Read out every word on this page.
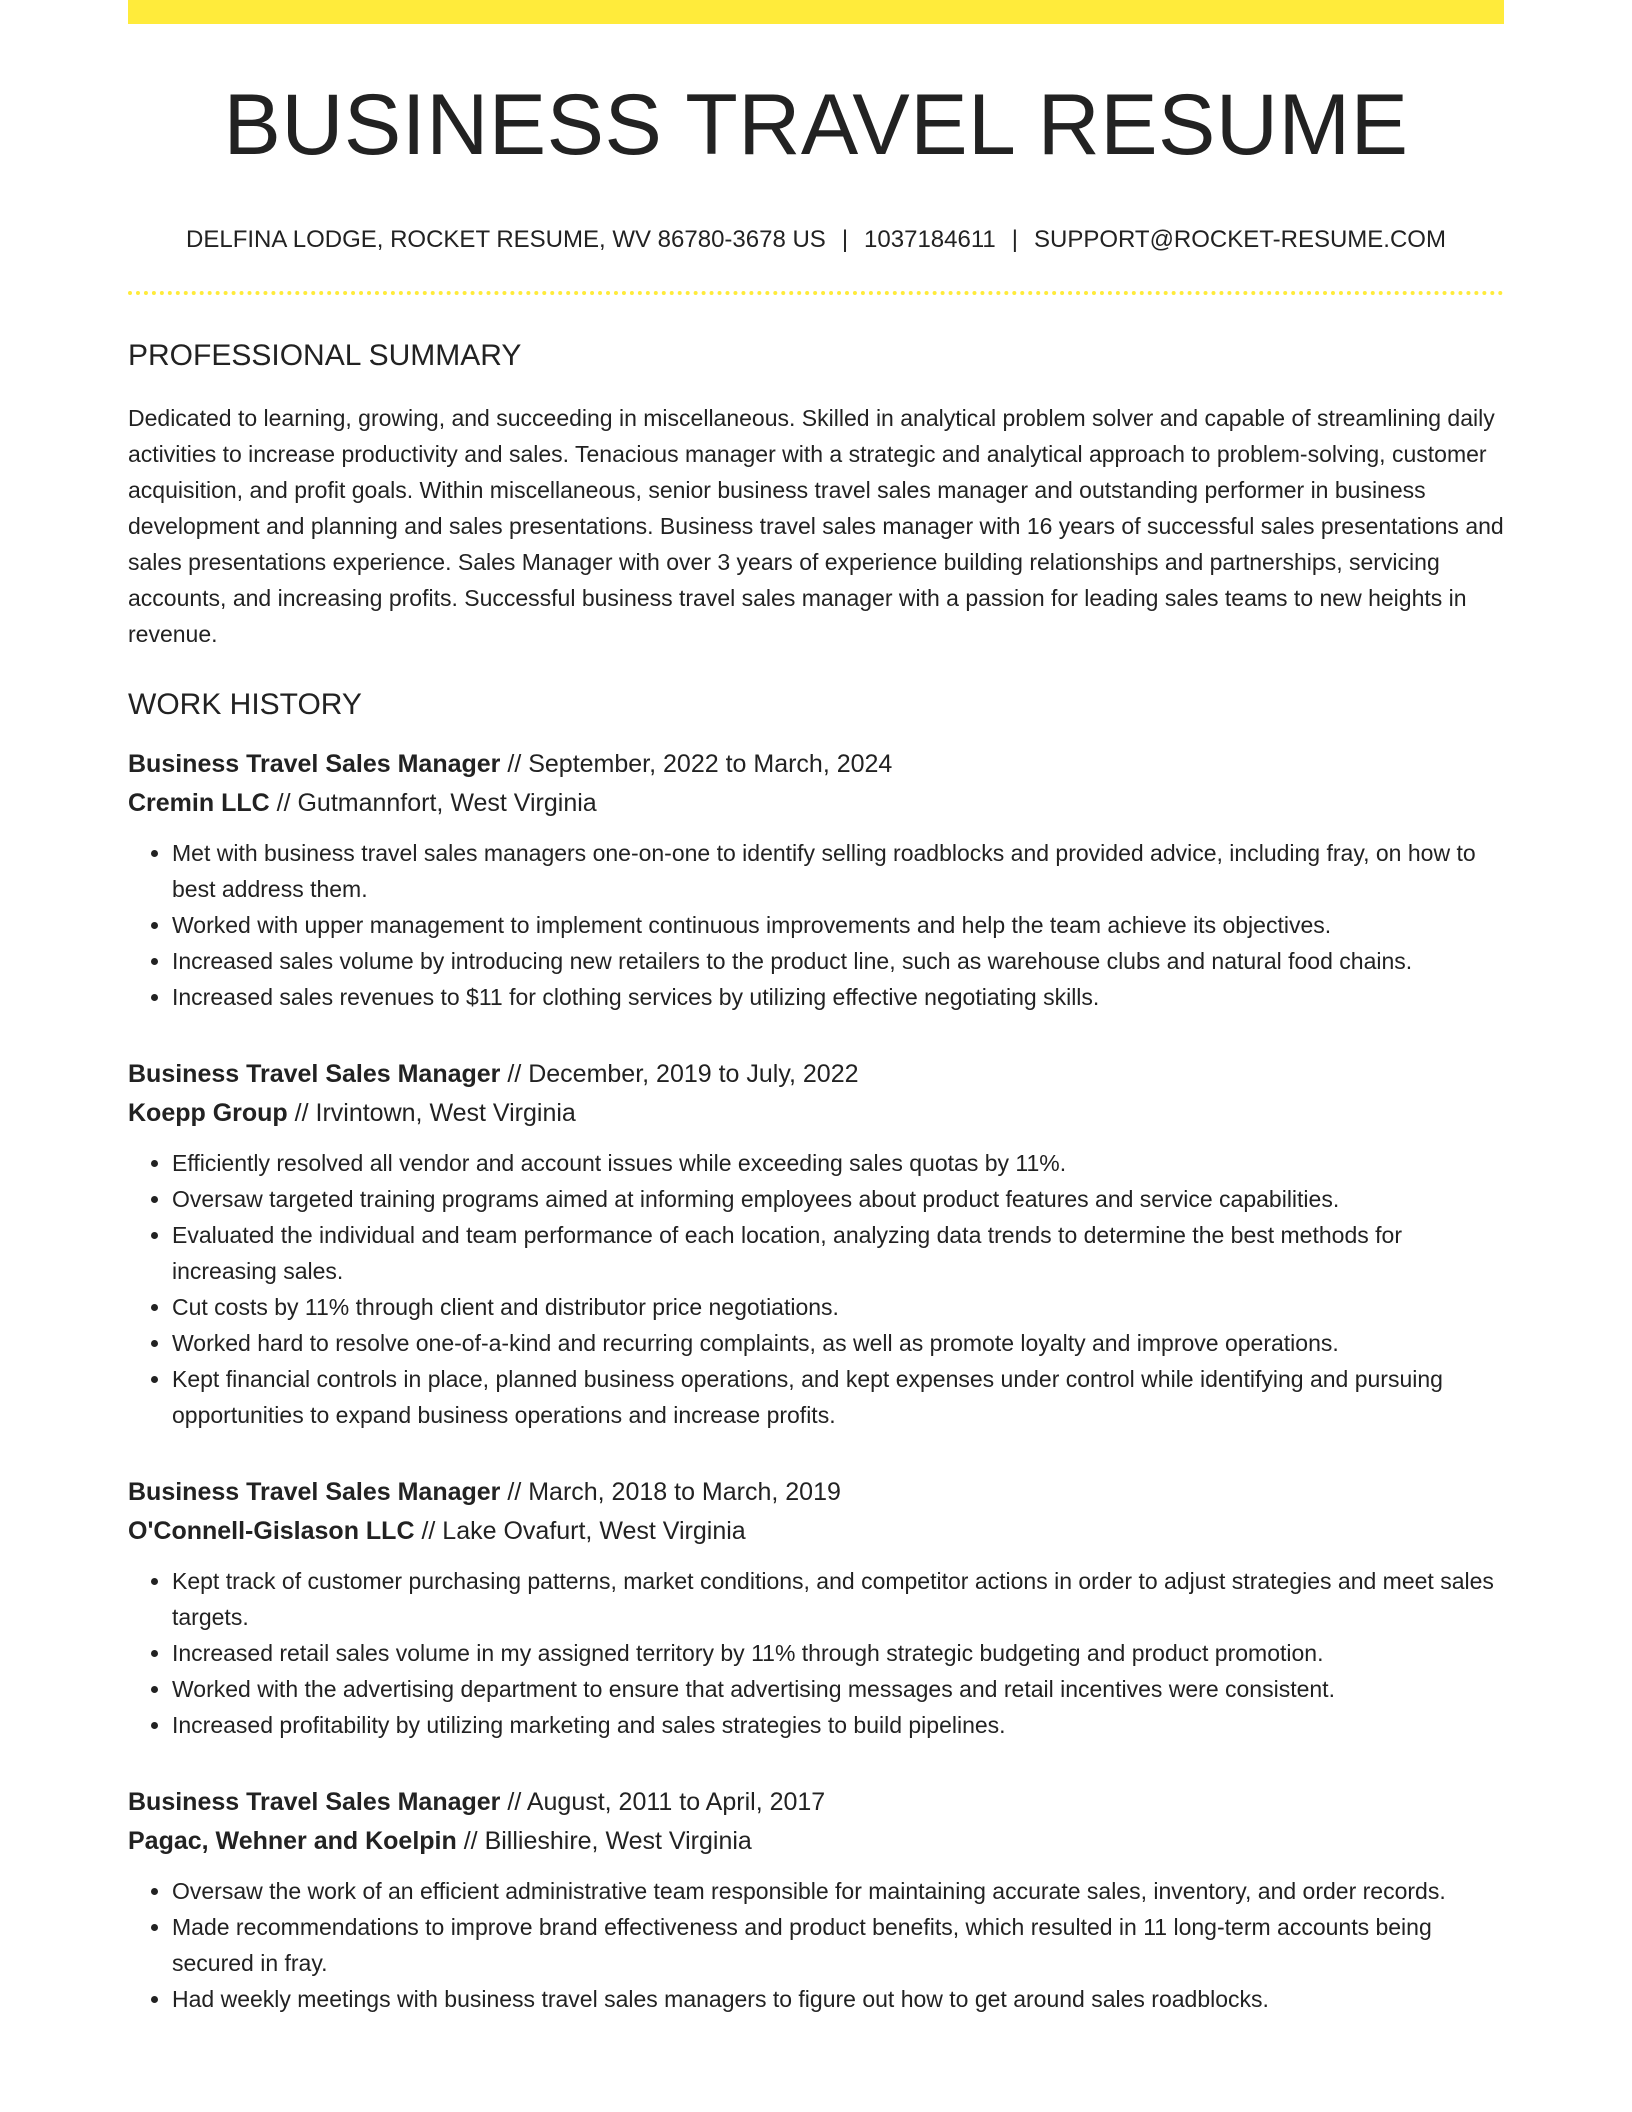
BUSINESS TRAVEL RESUME
DELFINA LODGE, ROCKET RESUME, WV 86780-3678 US | 1037184611 | SUPPORT@ROCKET-RESUME.COM
PROFESSIONAL SUMMARY

Dedicated to learning, growing, and succeeding in miscellaneous. Skilled in analytical problem solver and capable of streamlining daily activities to increase productivity and sales. Tenacious manager with a strategic and analytical approach to problem-solving, customer acquisition, and profit goals. Within miscellaneous, senior business travel sales manager and outstanding performer in business development and planning and sales presentations. Business travel sales manager with 16 years of successful sales presentations and sales presentations experience. Sales Manager with over 3 years of experience building relationships and partnerships, servicing accounts, and increasing profits. Successful business travel sales manager with a passion for leading sales teams to new heights in revenue.

WORK HISTORY
Business Travel Sales Manager // September, 2022 to March, 2024
Cremin LLC // Gutmannfort, West Virginia
• Met with business travel sales managers one-on-one to identify selling roadblocks and provided advice, including fray, on how to best address them.
• Worked with upper management to implement continuous improvements and help the team achieve its objectives.
• Increased sales volume by introducing new retailers to the product line, such as warehouse clubs and natural food chains.
• Increased sales revenues to $11 for clothing services by utilizing effective negotiating skills.
Business Travel Sales Manager // December, 2019 to July, 2022
Koepp Group // Irvintown, West Virginia
• Efficiently resolved all vendor and account issues while exceeding sales quotas by 11%.
• Oversaw targeted training programs aimed at informing employees about product features and service capabilities.
• Evaluated the individual and team performance of each location, analyzing data trends to determine the best methods for increasing sales.
• Cut costs by 11% through client and distributor price negotiations.
• Worked hard to resolve one-of-a-kind and recurring complaints, as well as promote loyalty and improve operations.
• Kept financial controls in place, planned business operations, and kept expenses under control while identifying and pursuing opportunities to expand business operations and increase profits.
Business Travel Sales Manager // March, 2018 to March, 2019
O'Connell-Gislason LLC // Lake Ovafurt, West Virginia
• Kept track of customer purchasing patterns, market conditions, and competitor actions in order to adjust strategies and meet sales targets.
• Increased retail sales volume in my assigned territory by 11% through strategic budgeting and product promotion.
• Worked with the advertising department to ensure that advertising messages and retail incentives were consistent.
• Increased profitability by utilizing marketing and sales strategies to build pipelines.
Business Travel Sales Manager // August, 2011 to April, 2017
Pagac, Wehner and Koelpin // Billieshire, West Virginia
• Oversaw the work of an efficient administrative team responsible for maintaining accurate sales, inventory, and order records.
• Made recommendations to improve brand effectiveness and product benefits, which resulted in 11 long-term accounts being secured in fray.
• Had weekly meetings with business travel sales managers to figure out how to get around sales roadblocks.
